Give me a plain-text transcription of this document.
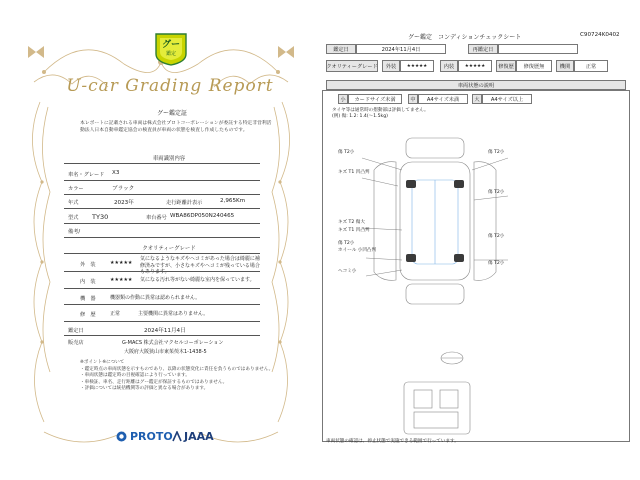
グー
鑑定
U-car Grading Report
グー鑑定証
本レポートに記載される車両は株式会社プロトコーポレーションが委託する特定非営利活動法人日本自動車鑑定協会の検査員が車両の状態を検査し作成したものです。
車両識別内容
車名・グレード X3
カラー	ブラック
年式	2023年	走行距離計表示	2,965Km
型式 TY30	車台番号 WBA86DP050N240465
備考/
クオリティーグレード
外　装	★★★★★
気になるようなキズやヘコミがあった場合は綺麗に補修済みですが、小さなキズやヘコミが残っている場合もあります。
内　装	★★★★★ 気になる汚れ等がない綺麗な室内を保っています。
機　器	機器類の作動に異常は認められません。
修　歴	正常	主要機関に異常はありません。
鑑定日	2024年11月4日
販売店	G-MACS 株式会社マクセルコーポレーション
大阪府大阪狭山市東茱萸木1-1438-5
※ポイント※について
・鑑定時点の車両状態を示すものであり、以降の状態変化に責任を負うものではありません。
・車両状態は鑑定時の目視確認により行っています。
・車検証、車名、走行距離はグー鑑定が保証するものではありません。
・評価については統括機関等の評価と異なる場合があります。
PROTO JAAA
グー鑑定　コンディションチェックシート	C90724K0402
鑑定日	2024年11月4日	再鑑定日
クオリティーグレード	外装	★★★★★	内装	★★★★★	修復歴	修復歴無	機関	正常
車両状態の説明
小	カードサイズ未満	中	A4サイズ未満	大	A4サイズ以上
タイヤ等は通常時の摺動部は評価してません。
(例) 傷: 1.2: 1.4(〜1.5kg)
傷 T2小
キズ T1 凹凸判
傷 T2小
キズ T2 傷大
キズ T1 凹凸判
傷 T2小
ホイール 小凹凸判
傷 T2小
傷 T2小
ヘコミ小
傷 T2小
車両状態の確認は、停止状態で実施できる範囲で行っています。
